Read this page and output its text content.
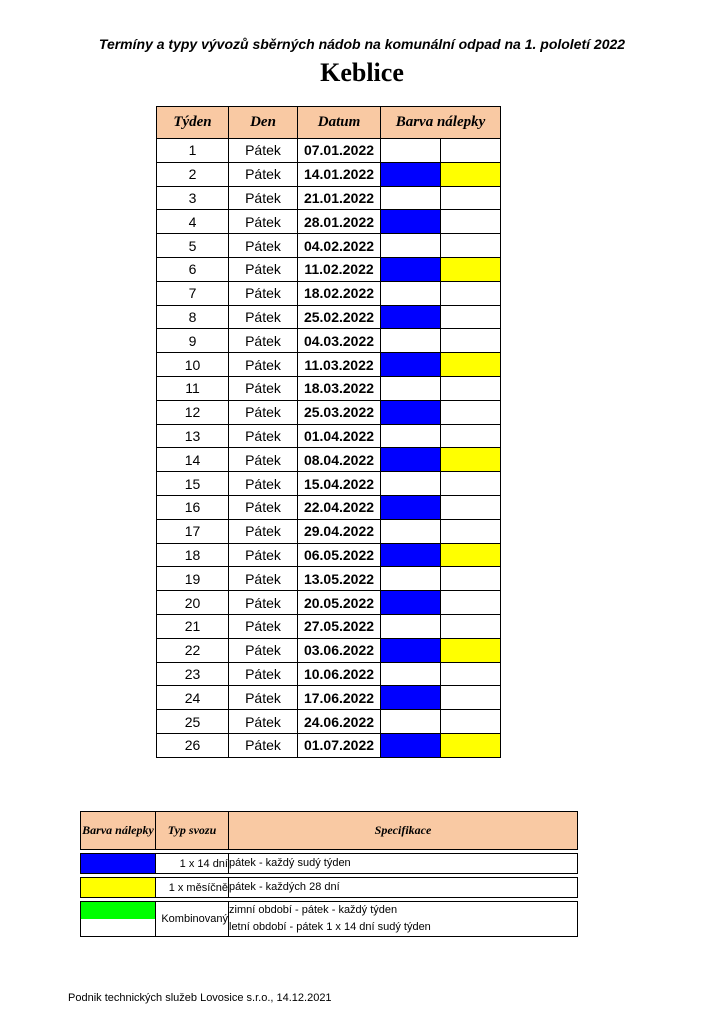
Termíny a typy vývozů sběrných nádob na komunální odpad na 1. pololetí 2022
Keblice
Týden	Den	Datum	Barva nálepky	
1	Pátek	07.01.2022		
2	Pátek	14.01.2022		
3	Pátek	21.01.2022		
4	Pátek	28.01.2022		
5	Pátek	04.02.2022		
6	Pátek	11.02.2022		
7	Pátek	18.02.2022		
8	Pátek	25.02.2022		
9	Pátek	04.03.2022		
10	Pátek	11.03.2022		
11	Pátek	18.03.2022		
12	Pátek	25.03.2022		
13	Pátek	01.04.2022		
14	Pátek	08.04.2022		
15	Pátek	15.04.2022		
16	Pátek	22.04.2022		
17	Pátek	29.04.2022		
18	Pátek	06.05.2022		
19	Pátek	13.05.2022		
20	Pátek	20.05.2022		
21	Pátek	27.05.2022		
22	Pátek	03.06.2022		
23	Pátek	10.06.2022		
24	Pátek	17.06.2022		
25	Pátek	24.06.2022		
26	Pátek	01.07.2022		
Barva nálepky	Typ svozu	Specifikace

	1 x 14 dní	pátek - každý sudý týden

	1 x měsíčně	pátek - každých 28 dní

	Kombinovaný	zimní období - pátek - každý týden
letní období - pátek 1 x 14 dní sudý týden
Podnik technických služeb Lovosice s.r.o., 14.12.2021
